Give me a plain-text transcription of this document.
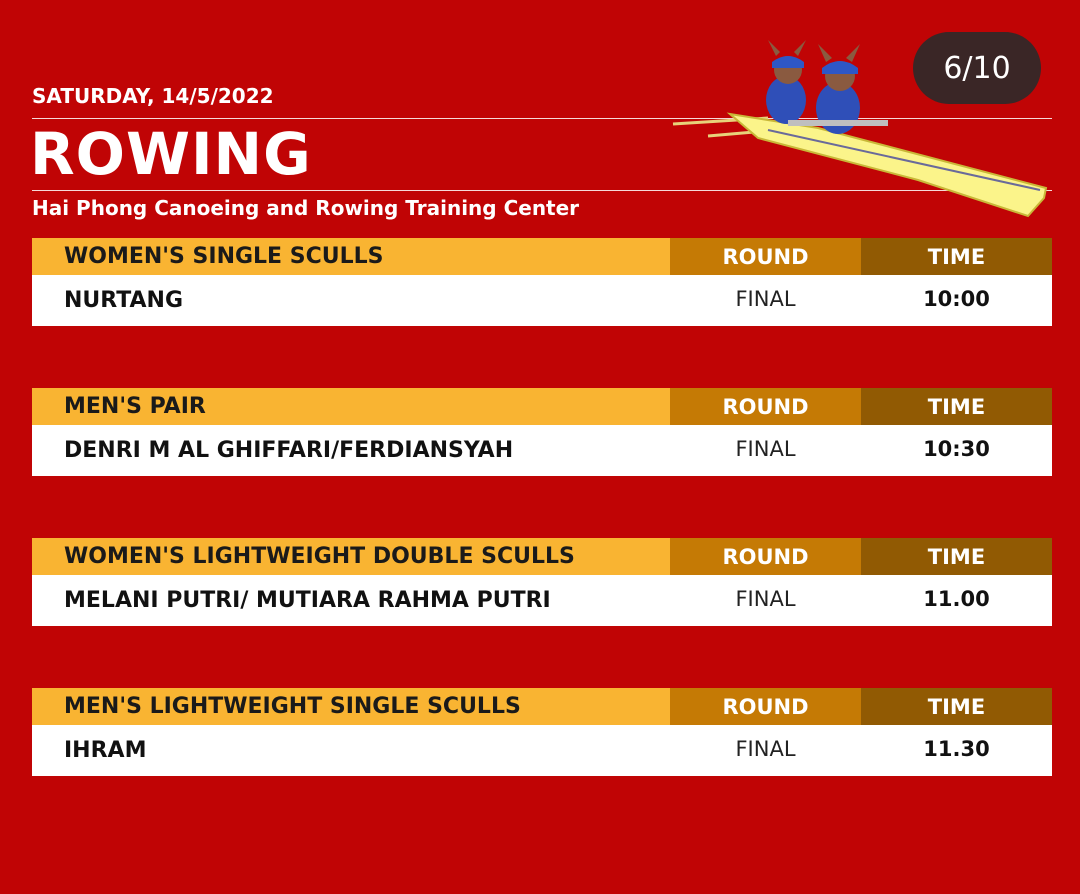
SATURDAY, 14/5/2022
ROWING
Hai Phong Canoeing and Rowing Training Center
6/10
WOMEN'S SINGLE SCULLS	ROUND	TIME
NURTANG	FINAL	10:00
MEN'S PAIR	ROUND	TIME
DENRI M AL GHIFFARI/FERDIANSYAH	FINAL	10:30
WOMEN'S LIGHTWEIGHT DOUBLE SCULLS	ROUND	TIME
MELANI PUTRI/ MUTIARA RAHMA PUTRI	FINAL	11.00
MEN'S LIGHTWEIGHT SINGLE SCULLS	ROUND	TIME
IHRAM	FINAL	11.30
